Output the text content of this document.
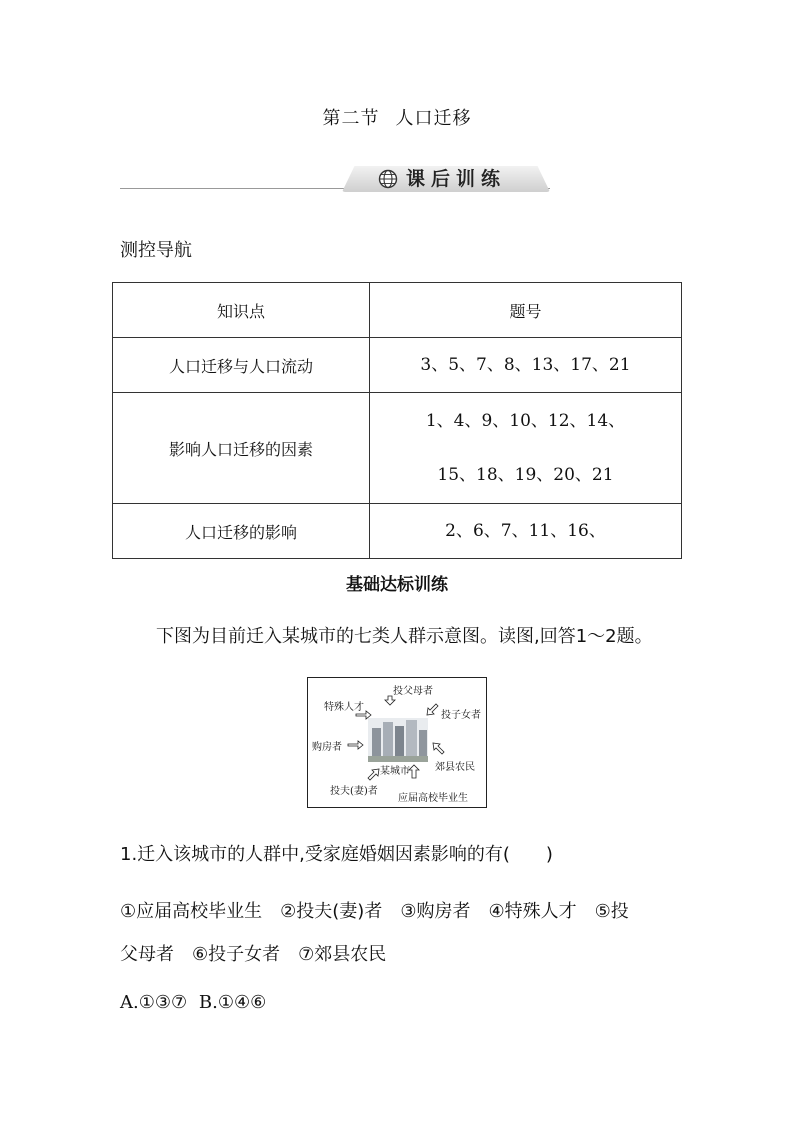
第二节 人口迁移
课后训练
测控导航
知识点	题号
人口迁移与人口流动	3、5、7、8、13、17、21

影响人口迁移的因素	1、4、9、10、12、14、
15、18、19、20、21

人口迁移的影响	2、6、7、11、16、
基础达标训练
下图为目前迁入某城市的七类人群示意图。读图,回答1～2题。
投父母者
特殊人才
投子女者
购房者
某城市	郊县农民
投夫(妻)者
应届高校毕业生
1.迁入该城市的人群中,受家庭婚姻因素影响的有(　　)
①应届高校毕业生　②投夫(妻)者　③购房者　④特殊人才　⑤投
父母者　⑥投子女者　⑦郊县农民
A.①③⑦ B.①④⑥
